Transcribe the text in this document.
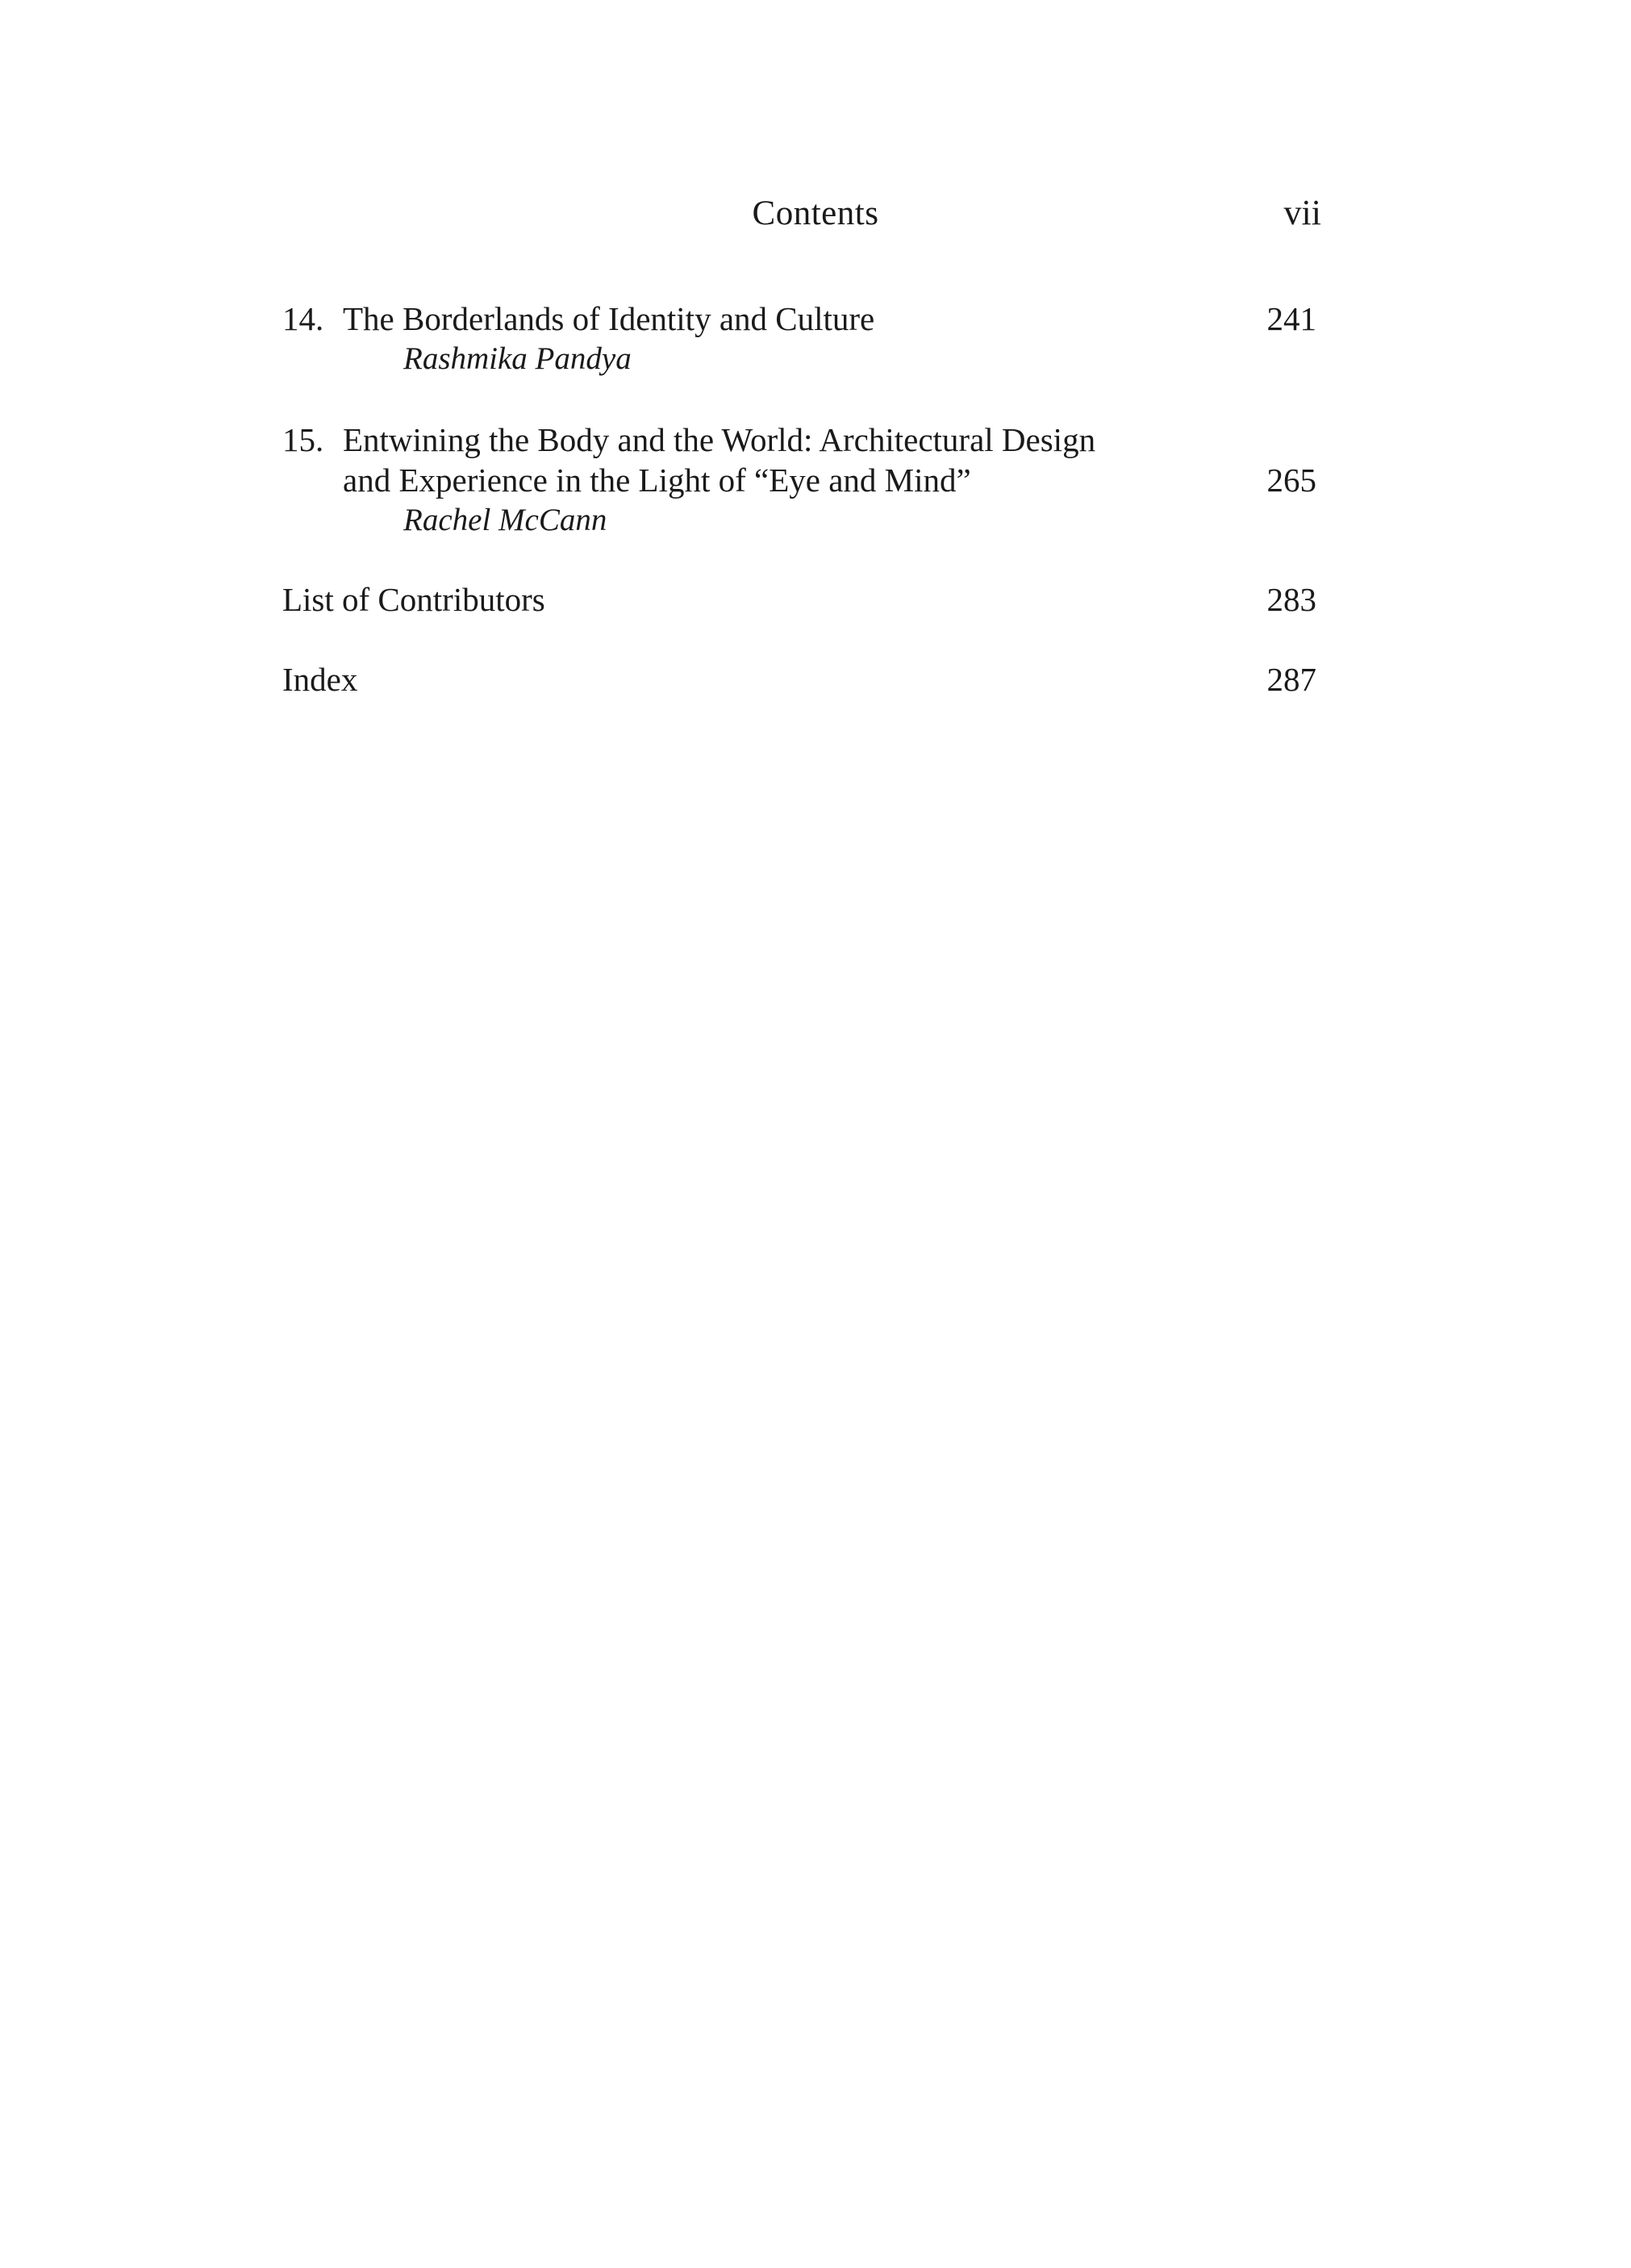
Contents	vii
14. The Borderlands of Identity and Culture	241
Rashmika Pandya
15. Entwining the Body and the World: Architectural Design
and Experience in the Light of “Eye and Mind”	265
Rachel McCann
List of Contributors	283
Index	287
